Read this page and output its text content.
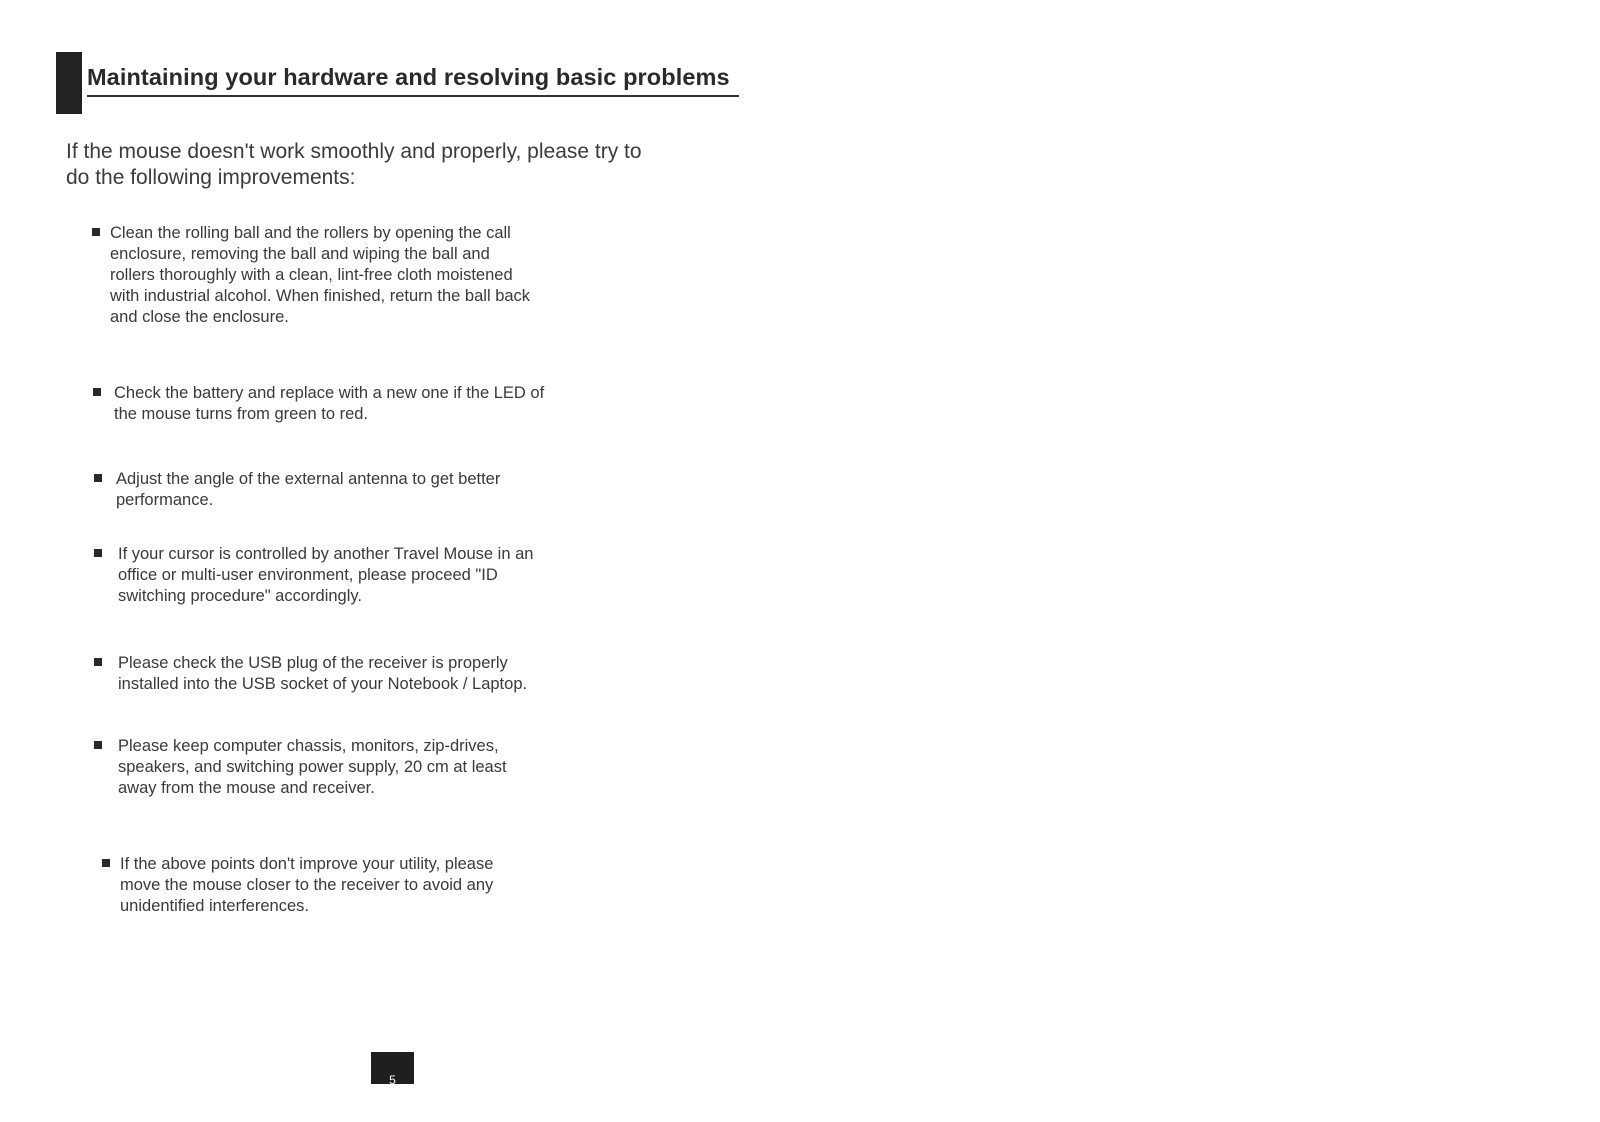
Maintaining your hardware and resolving basic problems
If the mouse doesn't work smoothly and properly, please try to
do the following improvements:
Clean the rolling ball and the rollers by opening the call
enclosure, removing the ball and wiping the ball and
rollers thoroughly with a clean, lint-free cloth moistened
with industrial alcohol. When finished, return the ball back
and close the enclosure.
Check the battery and replace with a new one if the LED of
the mouse turns from green to red.
Adjust the angle of the external antenna to get better
performance.
If your cursor is controlled by another Travel Mouse in an
office or multi-user environment, please proceed "ID
switching procedure" accordingly.
Please check the USB plug of the receiver is properly
installed into the USB socket of your Notebook / Laptop.
Please keep computer chassis, monitors, zip-drives,
speakers, and switching power supply, 20 cm at least
away from the mouse and receiver.
If the above points don't improve your utility, please
move the mouse closer to the receiver to avoid any
unidentified interferences.
5
